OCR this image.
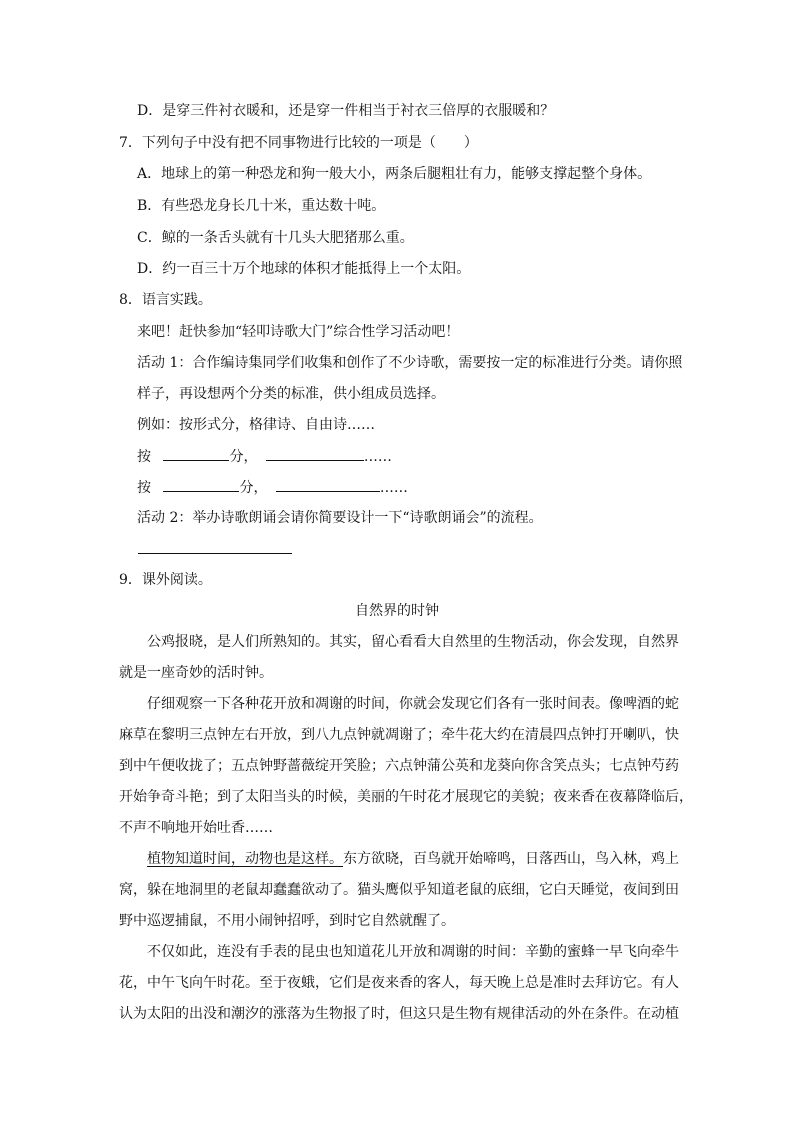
D．是穿三件衬衣暖和，还是穿一件相当于衬衣三倍厚的衣服暖和？
7．下列句子中没有把不同事物进行比较的一项是（　　）
A．地球上的第一种恐龙和狗一般大小，两条后腿粗壮有力，能够支撑起整个身体。
B．有些恐龙身长几十米，重达数十吨。
C．鲸的一条舌头就有十几头大肥猪那么重。
D．约一百三十万个地球的体积才能抵得上一个太阳。
8．语言实践。
来吧！赶快参加“轻叩诗歌大门”综合性学习活动吧！
活动 1：合作编诗集同学们收集和创作了不少诗歌，需要按一定的标准进行分类。请你照
样子，再设想两个分类的标准，供小组成员选择。
例如：按形式分，格律诗、自由诗……
按	分，	……
按	分，	……
活动 2：举办诗歌朗诵会请你简要设计一下“诗歌朗诵会”的流程。
9．课外阅读。
自然界的时钟
公鸡报晓，是人们所熟知的。其实，留心看看大自然里的生物活动，你会发现，自然界
就是一座奇妙的活时钟。
仔细观察一下各种花开放和凋谢的时间，你就会发现它们各有一张时间表。像啤酒的蛇
麻草在黎明三点钟左右开放，到八九点钟就凋谢了；牵牛花大约在清晨四点钟打开喇叭，快
到中午便收拢了；五点钟野蔷薇绽开笑脸；六点钟蒲公英和龙葵向你含笑点头；七点钟芍药
开始争奇斗艳；到了太阳当头的时候，美丽的午时花才展现它的美貌；夜来香在夜幕降临后，
不声不响地开始吐香……
植物知道时间，动物也是这样。东方欲晓，百鸟就开始啼鸣，日落西山，鸟入林，鸡上
窝，躲在地洞里的老鼠却蠢蠢欲动了。猫头鹰似乎知道老鼠的底细，它白天睡觉，夜间到田
野中巡逻捕鼠，不用小闹钟招呼，到时它自然就醒了。
不仅如此，连没有手表的昆虫也知道花儿开放和凋谢的时间：辛勤的蜜蜂一早飞向牵牛
花，中午飞向午时花。至于夜蛾，它们是夜来香的客人，每天晚上总是准时去拜访它。有人
认为太阳的出没和潮汐的涨落为生物报了时，但这只是生物有规律活动的外在条件。在动植
